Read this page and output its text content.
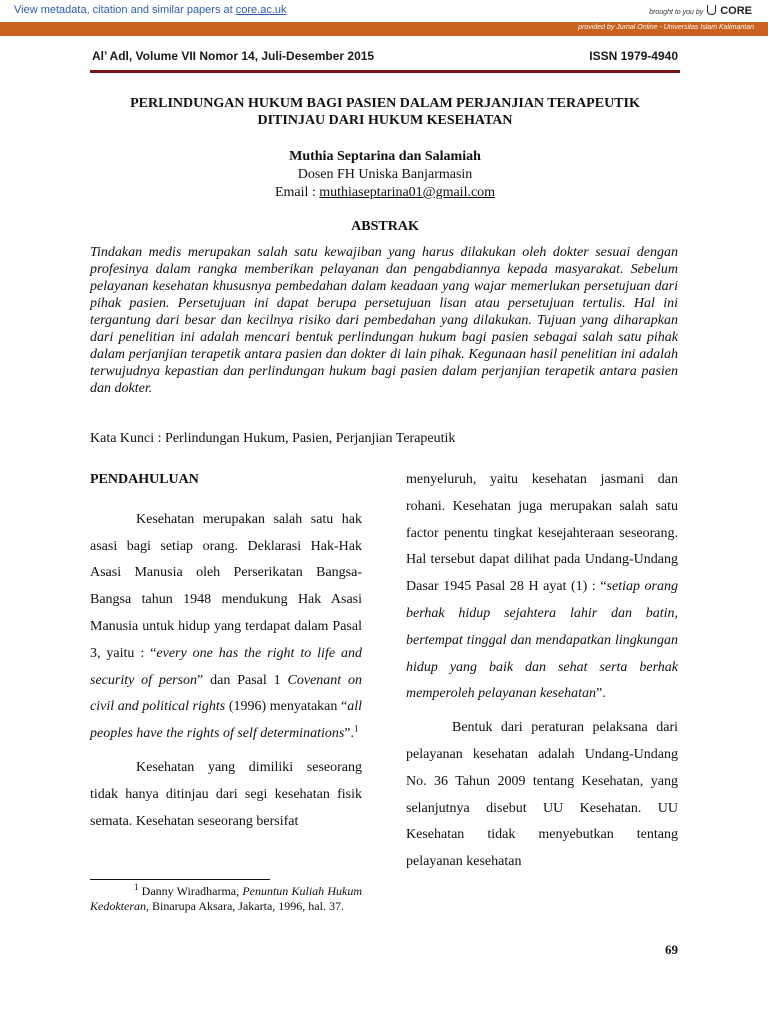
View metadata, citation and similar papers at core.ac.uk	brought to you by CORE
provided by Jurnal Online - Universitas Islam Kalimantan
Al’ Adl, Volume VII Nomor 14, Juli-Desember 2015	ISSN 1979-4940
PERLINDUNGAN HUKUM BAGI PASIEN DALAM PERJANJIAN TERAPEUTIK
DITINJAU DARI HUKUM KESEHATAN
Muthia Septarina dan Salamiah
Dosen FH Uniska Banjarmasin
Email : muthiaseptarina01@gmail.com
ABSTRAK
Tindakan medis merupakan salah satu kewajiban yang harus dilakukan oleh dokter sesuai dengan profesinya dalam rangka memberikan pelayanan dan pengabdiannya kepada masyarakat. Sebelum pelayanan kesehatan khususnya pembedahan dalam keadaan yang wajar memerlukan persetujuan dari pihak pasien. Persetujuan ini dapat berupa persetujuan lisan atau persetujuan tertulis. Hal ini tergantung dari besar dan kecilnya risiko dari pembedahan yang dilakukan. Tujuan yang diharapkan dari penelitian ini adalah mencari bentuk perlindungan hukum bagi pasien sebagai salah satu pihak dalam perjanjian terapetik antara pasien dan dokter di lain pihak. Kegunaan hasil penelitian ini adalah terwujudnya kepastian dan perlindungan hukum bagi pasien dalam perjanjian terapetik antara pasien dan dokter.
Kata Kunci : Perlindungan Hukum, Pasien, Perjanjian Terapeutik

PENDAHULUAN

Kesehatan merupakan salah satu hak asasi bagi setiap orang. Deklarasi Hak-Hak Asasi Manusia oleh Perserikatan Bangsa-Bangsa tahun 1948 mendukung Hak Asasi Manusia untuk hidup yang terdapat dalam Pasal 3, yaitu : “every one has the right to life and security of person” dan Pasal 1 Covenant on civil and political rights (1996) menyatakan “all peoples have the rights of self determinations”.$^1$

Kesehatan yang dimiliki seseorang tidak hanya ditinjau dari segi kesehatan fisik semata. Kesehatan seseorang bersifat

menyeluruh, yaitu kesehatan jasmani dan rohani. Kesehatan juga merupakan salah satu factor penentu tingkat kesejahteraan seseorang. Hal tersebut dapat dilihat pada Undang-Undang Dasar 1945 Pasal 28 H ayat (1) : “setiap orang berhak hidup sejahtera lahir dan batin, bertempat tinggal dan mendapatkan lingkungan hidup yang baik dan sehat serta berhak memperoleh pelayanan kesehatan”.

Bentuk dari peraturan pelaksana dari pelayanan kesehatan adalah Undang-Undang No. 36 Tahun 2009 tentang Kesehatan, yang selanjutnya disebut UU Kesehatan. UU Kesehatan tidak menyebutkan tentang pelayanan kesehatan

$^1$ Danny Wiradharma, Penuntun Kuliah Hukum Kedokteran, Binarupa Aksara, Jakarta, 1996, hal. 37.
69
